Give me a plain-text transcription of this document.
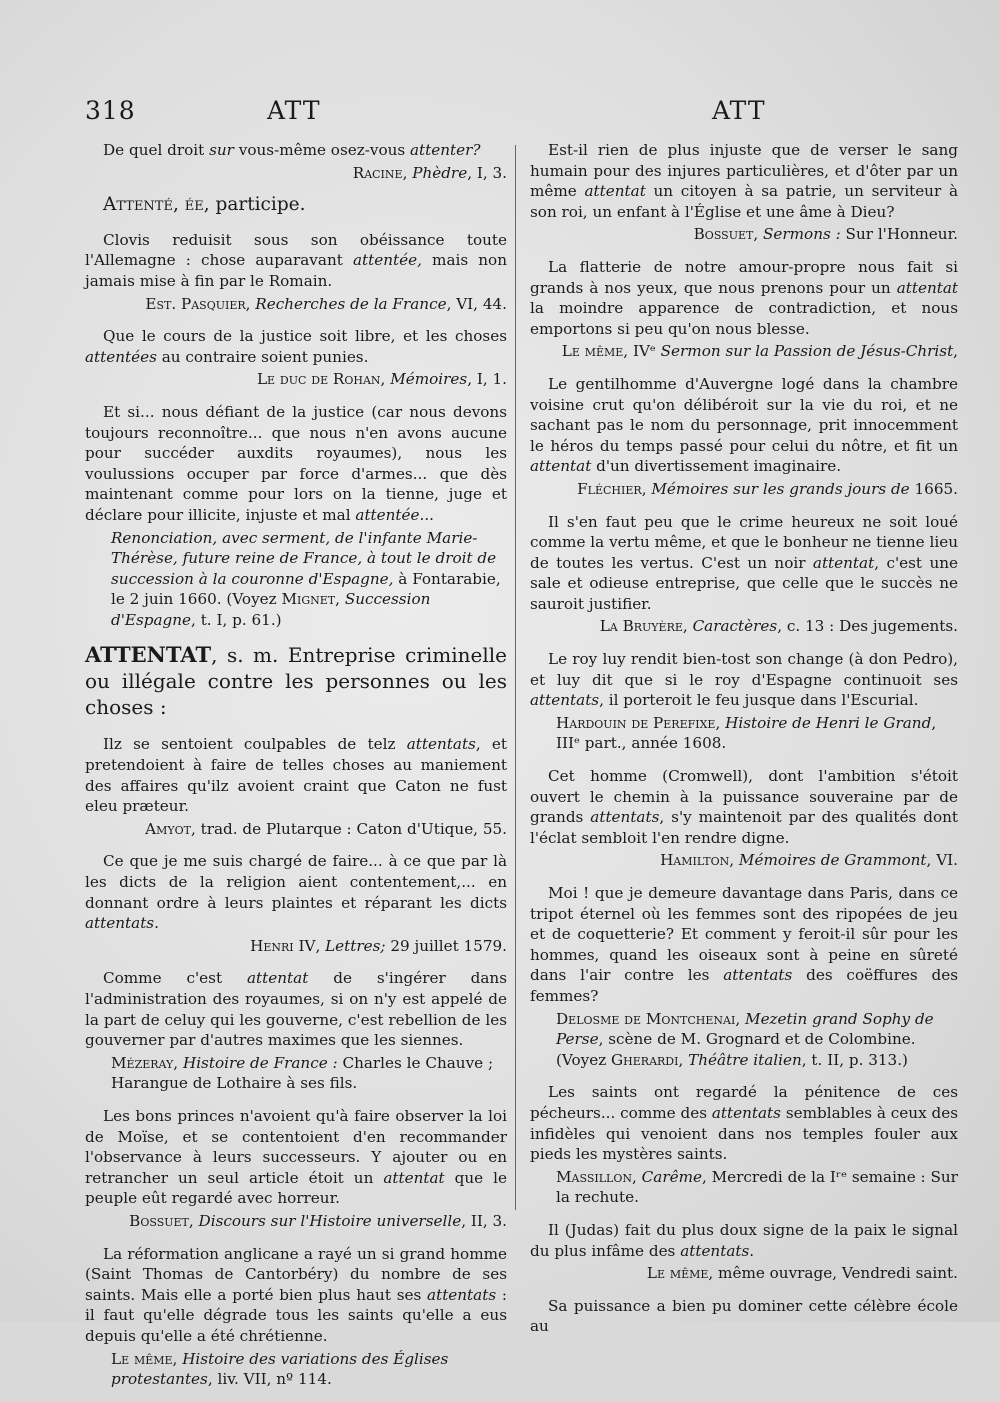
318	ATT	ATT

De quel droit sur vous-même osez-vous attenter?

Racine, Phèdre, I, 3.

Attenté, ée, participe.

Clovis reduisit sous son obéissance toute l'Allemagne : chose auparavant attentée, mais non jamais mise à fin par le Romain.

Est. Pasquier, Recherches de la France, VI, 44.

Que le cours de la justice soit libre, et les choses attentées au contraire soient punies.

Le duc de Rohan, Mémoires, I, 1.

Et si... nous défiant de la justice (car nous devons toujours reconnoître... que nous n'en avons aucune pour succéder auxdits royaumes), nous les voulussions occuper par force d'armes... que dès maintenant comme pour lors on la tienne, juge et déclare pour illicite, injuste et mal attentée...

Renonciation, avec serment, de l'infante Marie-Thérèse, future reine de France, à tout le droit de succession à la couronne d'Espagne, à Fontarabie, le 2 juin 1660. (Voyez Mignet, Succession d'Espagne, t. I, p. 61.)

ATTENTAT, s. m. Entreprise criminelle ou illégale contre les personnes ou les choses :

Ilz se sentoient coulpables de telz attentats, et pretendoient à faire de telles choses au maniement des affaires qu'ilz avoient craint que Caton ne fust eleu præteur.

Amyot, trad. de Plutarque : Caton d'Utique, 55.

Ce que je me suis chargé de faire... à ce que par là les dicts de la religion aient contentement,... en donnant ordre à leurs plaintes et réparant les dicts attentats.

Henri IV, Lettres; 29 juillet 1579.

Comme c'est attentat de s'ingérer dans l'administration des royaumes, si on n'y est appelé de la part de celuy qui les gouverne, c'est rebellion de les gouverner par d'autres maximes que les siennes.

Mézeray, Histoire de France : Charles le Chauve ; Harangue de Lothaire à ses fils.

Les bons princes n'avoient qu'à faire observer la loi de Moïse, et se contentoient d'en recommander l'observance à leurs successeurs. Y ajouter ou en retrancher un seul article étoit un attentat que le peuple eût regardé avec horreur.

Bossuet, Discours sur l'Histoire universelle, II, 3.

La réformation anglicane a rayé un si grand homme (Saint Thomas de Cantorbéry) du nombre de ses saints. Mais elle a porté bien plus haut ses attentats : il faut qu'elle dégrade tous les saints qu'elle a eus depuis qu'elle a été chrétienne.

Le même, Histoire des variations des Églises protestantes, liv. VII, nº 114.

Est-il rien de plus injuste que de verser le sang humain pour des injures particulières, et d'ôter par un même attentat un citoyen à sa patrie, un serviteur à son roi, un enfant à l'Église et une âme à Dieu?

Bossuet, Sermons : Sur l'Honneur.

La flatterie de notre amour-propre nous fait si grands à nos yeux, que nous prenons pour un attentat la moindre apparence de contradiction, et nous emportons si peu qu'on nous blesse.

Le même, IVᵉ Sermon sur la Passion de Jésus-Christ,

Le gentilhomme d'Auvergne logé dans la chambre voisine crut qu'on délibéroit sur la vie du roi, et ne sachant pas le nom du personnage, prit innocemment le héros du temps passé pour celui du nôtre, et fit un attentat d'un divertissement imaginaire.

Fléchier, Mémoires sur les grands jours de 1665.

Il s'en faut peu que le crime heureux ne soit loué comme la vertu même, et que le bonheur ne tienne lieu de toutes les vertus. C'est un noir attentat, c'est une sale et odieuse entreprise, que celle que le succès ne sauroit justifier.

La Bruyère, Caractères, c. 13 : Des jugements.

Le roy luy rendit bien-tost son change (à don Pedro), et luy dit que si le roy d'Espagne continuoit ses attentats, il porteroit le feu jusque dans l'Escurial.

Hardouin de Perefixe, Histoire de Henri le Grand, IIIᵉ part., année 1608.

Cet homme (Cromwell), dont l'ambition s'étoit ouvert le chemin à la puissance souveraine par de grands attentats, s'y maintenoit par des qualités dont l'éclat sembloit l'en rendre digne.

Hamilton, Mémoires de Grammont, VI.

Moi ! que je demeure davantage dans Paris, dans ce tripot éternel où les femmes sont des ripopées de jeu et de coquetterie? Et comment y feroit-il sûr pour les hommes, quand les oiseaux sont à peine en sûreté dans l'air contre les attentats des coëffures des femmes?

Delosme de Montchenai, Mezetin grand Sophy de Perse, scène de M. Grognard et de Colombine. (Voyez Gherardi, Théâtre italien, t. II, p. 313.)

Les saints ont regardé la pénitence de ces pécheurs... comme des attentats semblables à ceux des infidèles qui venoient dans nos temples fouler aux pieds les mystères saints.

Massillon, Carême, Mercredi de la Iʳᵉ semaine : Sur la rechute.

Il (Judas) fait du plus doux signe de la paix le signal du plus infâme des attentats.

Le même, même ouvrage, Vendredi saint.

Sa puissance a bien pu dominer cette célèbre école au
